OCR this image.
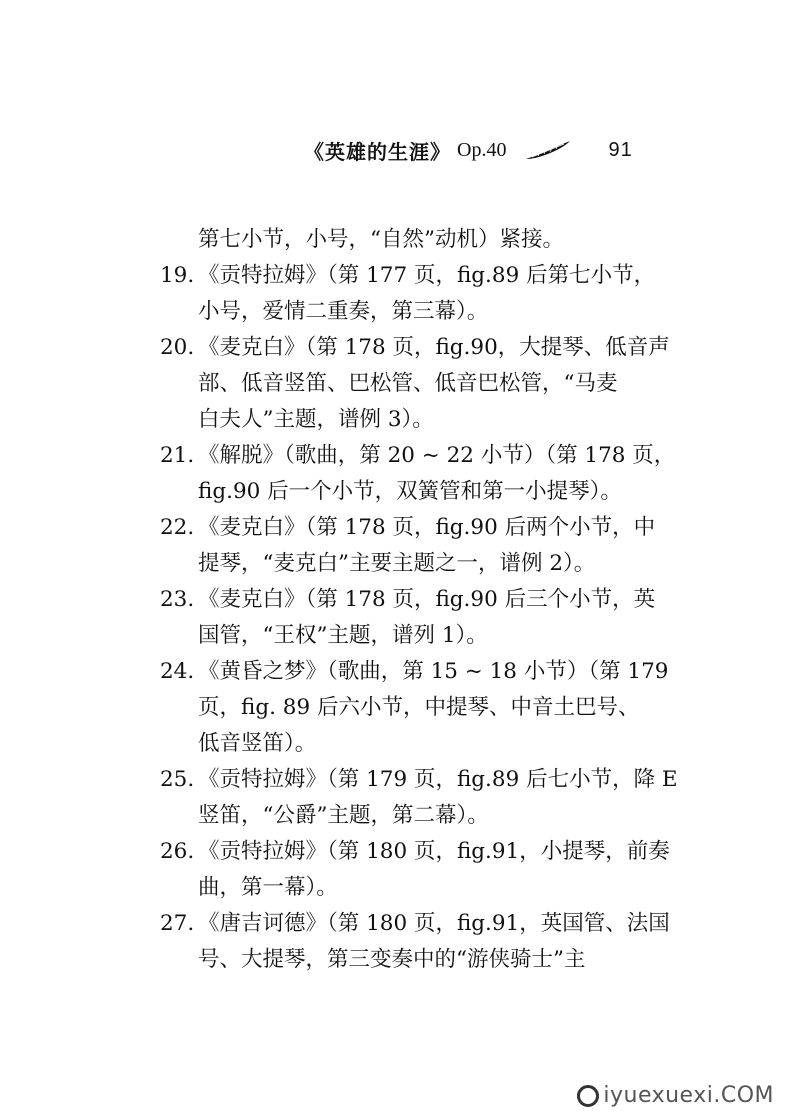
《英雄的生涯》 Op.40	91
第七小节，小号，“自然”动机）紧接。
19. 《贡特拉姆》（第 177 页，fig.89 后第七小节，
小号，爱情二重奏，第三幕）。
20. 《麦克白》（第 178 页，fig.90，大提琴、低音声
部、低音竖笛、巴松管、低音巴松管，“马麦
白夫人”主题，谱例 3）。
21. 《解脱》（歌曲，第 20 ~ 22 小节）（第 178 页，
fig.90 后一个小节，双簧管和第一小提琴）。
22. 《麦克白》（第 178 页，fig.90 后两个小节，中
提琴，“麦克白”主要主题之一，谱例 2）。
23. 《麦克白》（第 178 页，fig.90 后三个小节，英
国管，“王权”主题，谱列 1）。
24. 《黄昏之梦》（歌曲，第 15 ~ 18 小节）（第 179
页，fig. 89 后六小节，中提琴、中音土巴号、
低音竖笛）。
25. 《贡特拉姆》（第 179 页，fig.89 后七小节，降 E
竖笛，“公爵”主题，第二幕）。
26. 《贡特拉姆》（第 180 页，fig.91，小提琴，前奏
曲，第一幕）。
27. 《唐吉诃德》（第 180 页，fig.91，英国管、法国
号、大提琴，第三变奏中的“游侠骑士”主
iyuexuexi.COM
